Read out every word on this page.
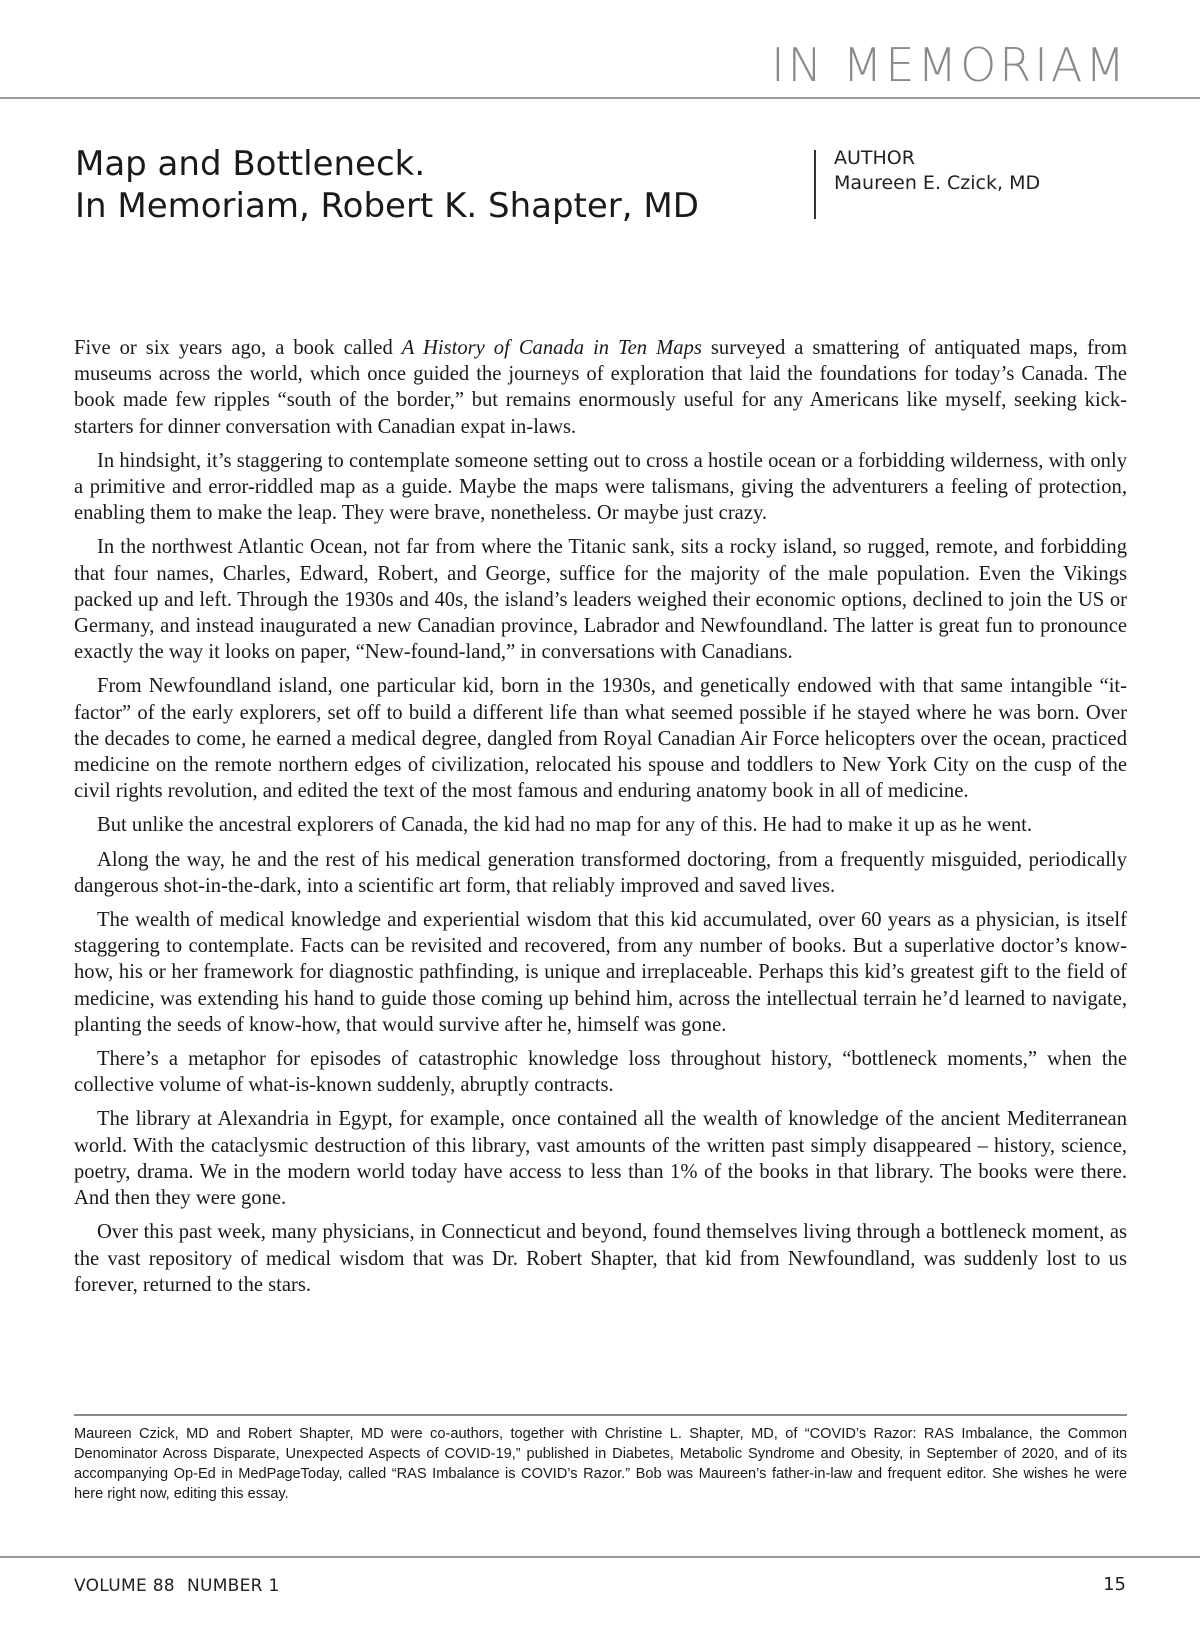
IN MEMORIAM
Map and Bottleneck.
In Memoriam, Robert K. Shapter, MD
AUTHOR
Maureen E. Czick, MD

Five or six years ago, a book called A History of Canada in Ten Maps surveyed a smattering of antiquated maps, from museums across the world, which once guided the journeys of exploration that laid the foundations for today’s Canada. The book made few ripples “south of the border,” but remains enormously useful for any Americans like myself, seeking kick-starters for dinner conversation with Canadian expat in-laws.

In hindsight, it’s staggering to contemplate someone setting out to cross a hostile ocean or a forbidding wilderness, with only a primitive and error-riddled map as a guide. Maybe the maps were talismans, giving the adventurers a feeling of protection, enabling them to make the leap. They were brave, nonetheless. Or maybe just crazy.

In the northwest Atlantic Ocean, not far from where the Titanic sank, sits a rocky island, so rugged, remote, and forbidding that four names, Charles, Edward, Robert, and George, suffice for the majority of the male population. Even the Vikings packed up and left. Through the 1930s and 40s, the island’s leaders weighed their economic options, declined to join the US or Germany, and instead inaugurated a new Canadian province, Labrador and Newfoundland. The latter is great fun to pronounce exactly the way it looks on paper, “New-found-land,” in conversations with Canadians.

From Newfoundland island, one particular kid, born in the 1930s, and genetically endowed with that same intangible “it-factor” of the early explorers, set off to build a different life than what seemed possible if he stayed where he was born. Over the decades to come, he earned a medical degree, dangled from Royal Canadian Air Force helicopters over the ocean, practiced medicine on the remote northern edges of civilization, relocated his spouse and toddlers to New York City on the cusp of the civil rights revolution, and edited the text of the most famous and enduring anatomy book in all of medicine.

But unlike the ancestral explorers of Canada, the kid had no map for any of this. He had to make it up as he went.

Along the way, he and the rest of his medical generation transformed doctoring, from a frequently misguided, periodically dangerous shot-in-the-dark, into a scientific art form, that reliably improved and saved lives.

The wealth of medical knowledge and experiential wisdom that this kid accumulated, over 60 years as a physician, is itself staggering to contemplate. Facts can be revisited and recovered, from any number of books. But a superlative doctor’s know-how, his or her framework for diagnostic pathfinding, is unique and irreplaceable. Perhaps this kid’s greatest gift to the field of medicine, was extending his hand to guide those coming up behind him, across the intellectual terrain he’d learned to navigate, planting the seeds of know-how, that would survive after he, himself was gone.

There’s a metaphor for episodes of catastrophic knowledge loss throughout history, “bottleneck moments,” when the collective volume of what-is-known suddenly, abruptly contracts.

The library at Alexandria in Egypt, for example, once contained all the wealth of knowledge of the ancient Mediterranean world. With the cataclysmic destruction of this library, vast amounts of the written past simply disappeared – history, science, poetry, drama. We in the modern world today have access to less than 1% of the books in that library. The books were there. And then they were gone.

Over this past week, many physicians, in Connecticut and beyond, found themselves living through a bottleneck moment, as the vast repository of medical wisdom that was Dr. Robert Shapter, that kid from Newfoundland, was suddenly lost to us forever, returned to the stars.

Maureen Czick, MD and Robert Shapter, MD were co-authors, together with Christine L. Shapter, MD, of “COVID’s Razor: RAS Imbalance, the Common Denominator Across Disparate, Unexpected Aspects of COVID-19,” published in Diabetes, Metabolic Syndrome and Obesity, in September of 2020, and of its accompanying Op-Ed in MedPageToday, called “RAS Imbalance is COVID’s Razor.” Bob was Maureen’s father-in-law and frequent editor. She wishes he were here right now, editing this essay.

VOLUME 88 NUMBER 1	15
